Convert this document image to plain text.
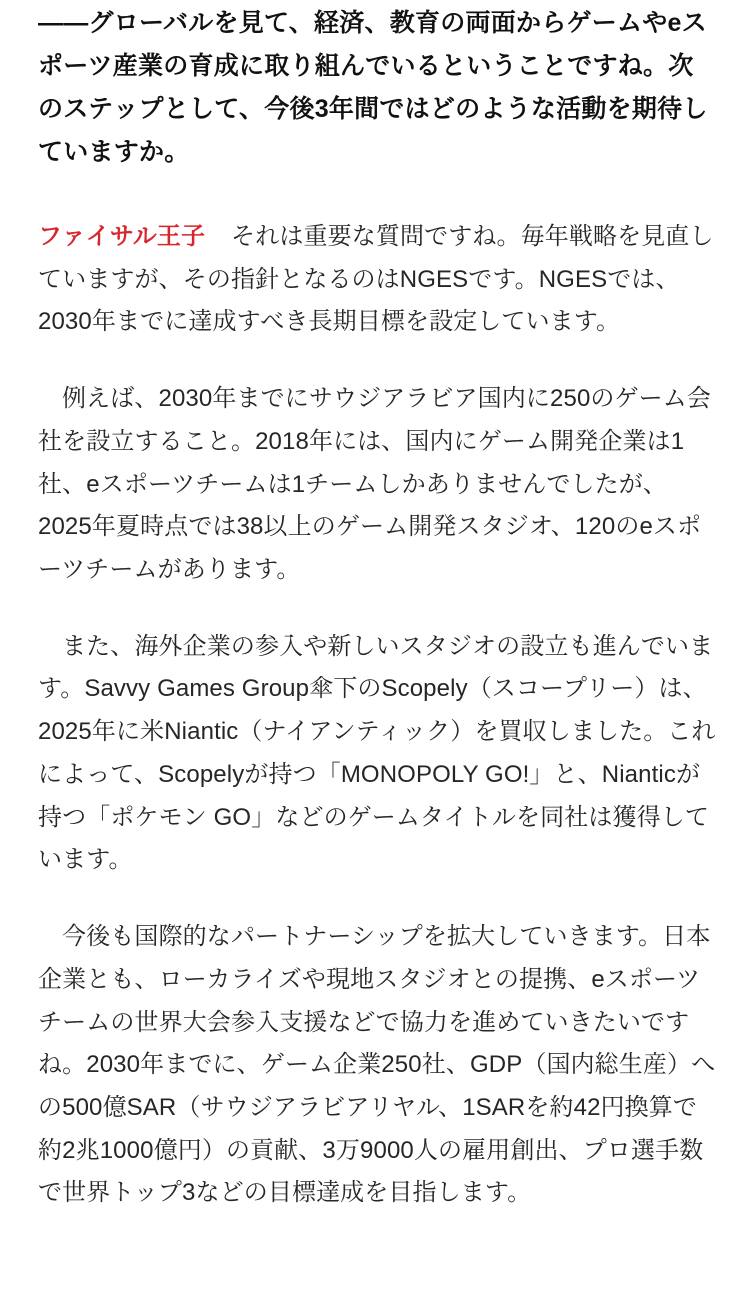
——グローバルを見て、経済、教育の両面からゲームやeスポーツ産業の育成に取り組んでいるということですね。次のステップとして、今後3年間ではどのような活動を期待していますか。

ファイサル王子 それは重要な質問ですね。毎年戦略を見直していますが、その指針となるのはNGESです。NGESでは、2030年までに達成すべき長期目標を設定しています。

例えば、2030年までにサウジアラビア国内に250のゲーム会社を設立すること。2018年には、国内にゲーム開発企業は1社、eスポーツチームは1チームしかありませんでしたが、2025年夏時点では38以上のゲーム開発スタジオ、120のeスポーツチームがあります。

また、海外企業の参入や新しいスタジオの設立も進んでいます。Savvy Games Group傘下のScopely（スコープリー）は、2025年に米Niantic（ナイアンティック）を買収しました。これによって、Scopelyが持つ「MONOPOLY GO!」と、Nianticが持つ「ポケモン GO」などのゲームタイトルを同社は獲得しています。

今後も国際的なパートナーシップを拡大していきます。日本企業とも、ローカライズや現地スタジオとの提携、eスポーツチームの世界大会参入支援などで協力を進めていきたいですね。2030年までに、ゲーム企業250社、GDP（国内総生産）への500億SAR（サウジアラビアリヤル、1SARを約42円換算で約2兆1000億円）の貢献、3万9000人の雇用創出、プロ選手数で世界トップ3などの目標達成を目指します。
